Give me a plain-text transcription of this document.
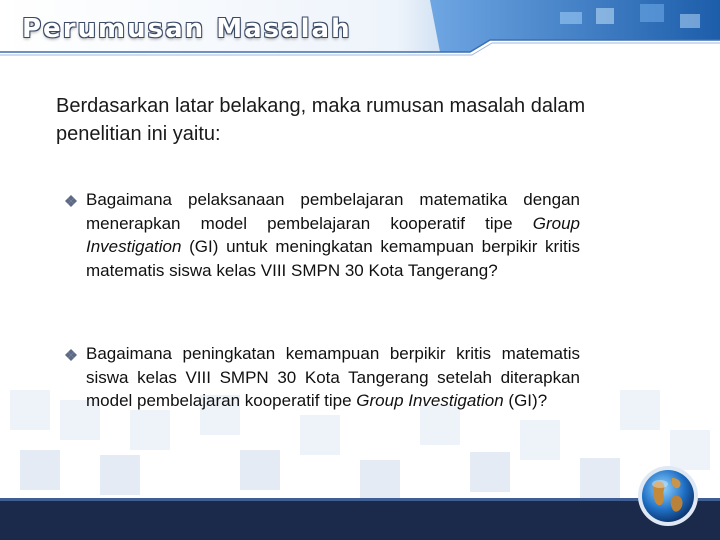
Perumusan Masalah

Berdasarkan latar belakang, maka rumusan masalah dalam penelitian ini yaitu:

Bagaimana pelaksanaan pembelajaran matematika dengan menerapkan model pembelajaran kooperatif tipe Group Investigation (GI) untuk meningkatan kemampuan berpikir kritis matematis siswa kelas VIII SMPN 30 Kota Tangerang?

Bagaimana peningkatan kemampuan berpikir kritis matematis siswa kelas VIII SMPN 30 Kota Tangerang setelah diterapkan model pembelajaran kooperatif tipe Group Investigation (GI)?
